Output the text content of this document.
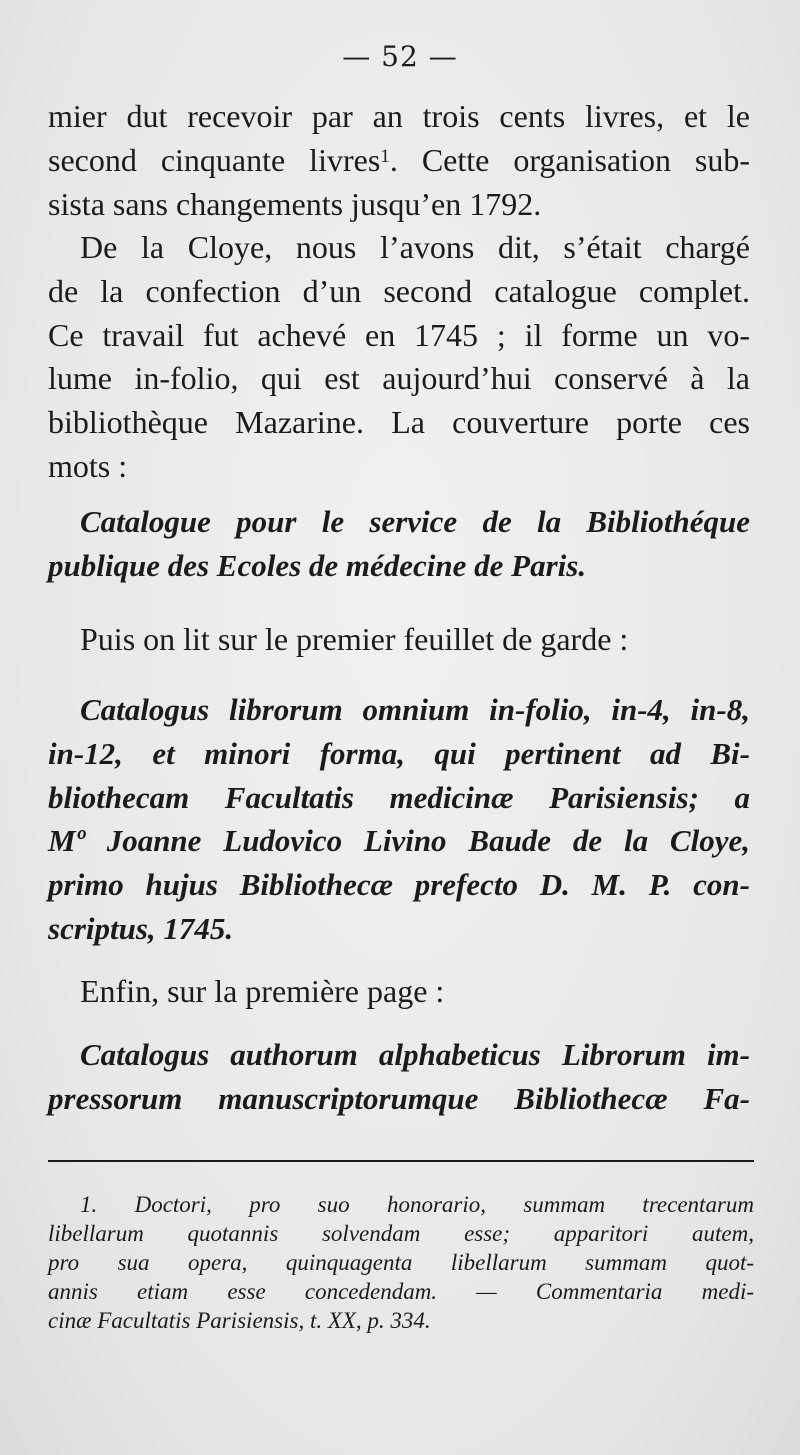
— 52 —
mier dut recevoir par an trois cents livres, et le
second cinquante livres$^1$. Cette organisation sub-
sista sans changements jusqu’en 1792.
De la Cloye, nous l’avons dit, s’était chargé
de la confection d’un second catalogue complet.
Ce travail fut achevé en 1745 ; il forme un vo-
lume in-folio, qui est aujourd’hui conservé à la
bibliothèque Mazarine. La couverture porte ces
mots :
Catalogue pour le service de la Bibliothéque
publique des Ecoles de médecine de Paris.
Puis on lit sur le premier feuillet de garde :
Catalogus librorum omnium in-folio, in-4, in-8,
in-12, et minori forma, qui pertinent ad Bi-
bliothecam Facultatis medicinæ Parisiensis; a
Mº Joanne Ludovico Livino Baude de la Cloye,
primo hujus Bibliothecæ prefecto D. M. P. con-
scriptus, 1745.
Enfin, sur la première page :
Catalogus authorum alphabeticus Librorum im-
pressorum manuscriptorumque Bibliothecæ Fa-
1. Doctori, pro suo honorario, summam trecentarum
libellarum quotannis solvendam esse; apparitori autem,
pro sua opera, quinquagenta libellarum summam quot-
annis etiam esse concedendam. — Commentaria medi-
cinæ Facultatis Parisiensis, t. XX, p. 334.
